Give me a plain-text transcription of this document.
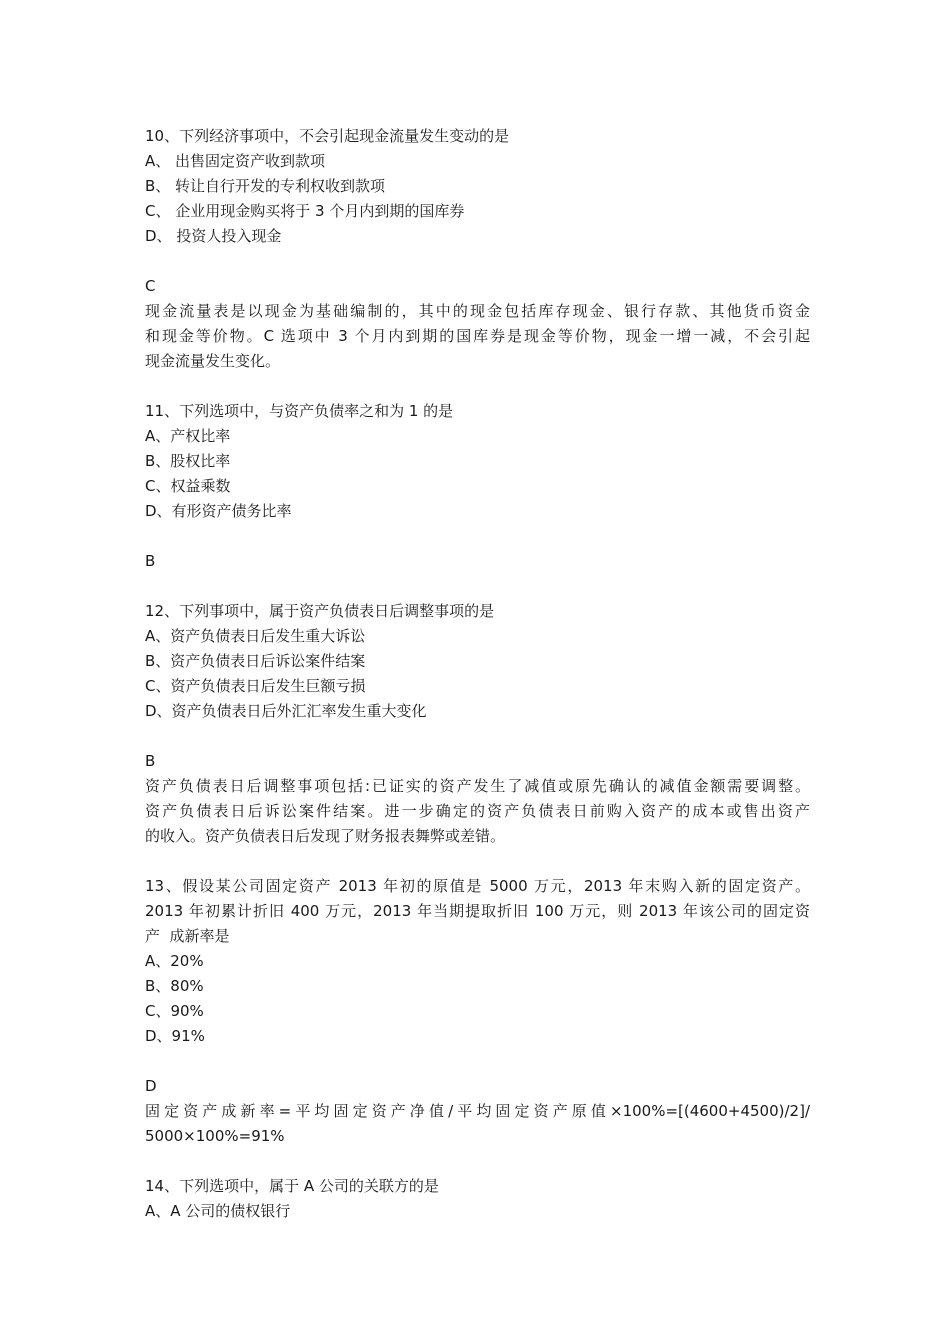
10、下列经济事项中，不会引起现金流量发生变动的是
A、 出售固定资产收到款项
B、 转让自行开发的专利权收到款项
C、 企业用现金购买将于 3 个月内到期的国库券
D、 投资人投入现金
C
现金流量表是以现金为基础编制的，其中的现金包括库存现金、银行存款、其他货币资金
和现金等价物。C 选项中 3 个月内到期的国库券是现金等价物，现金一增一减，不会引起
现金流量发生变化。
11、下列选项中，与资产负债率之和为 1 的是
A、产权比率
B、股权比率
C、权益乘数
D、有形资产债务比率
B
12、下列事项中，属于资产负债表日后调整事项的是
A、资产负债表日后发生重大诉讼
B、资产负债表日后诉讼案件结案
C、资产负债表日后发生巨额亏损
D、资产负债表日后外汇汇率发生重大变化
B
资产负债表日后调整事项包括:已证实的资产发生了减值或原先确认的减值金额需要调整。
资产负债表日后诉讼案件结案。进一步确定的资产负债表日前购入资产的成本或售出资产
的收入。资产负债表日后发现了财务报表舞弊或差错。
13、假设某公司固定资产 2013 年初的原值是 5000 万元，2013 年末购入新的固定资产。
2013 年初累计折旧 400 万元，2013 年当期提取折旧 100 万元，则 2013 年该公司的固定资
产  成新率是
A、20%
B、80%
C、90%
D、91%
D
固定资产成新率=平均固定资产净值/平均固定资产原值×100%=[(4600+4500)/2]/
5000×100%=91%
14、下列选项中，属于 A 公司的关联方的是
A、A 公司的债权银行
